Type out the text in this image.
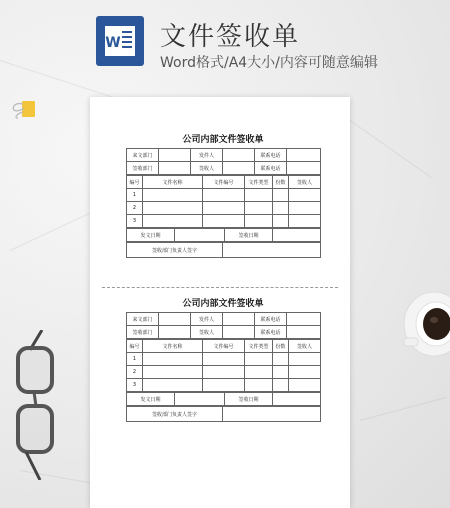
W 文件签收单
Word格式/A4大小/内容可随意编辑
公司内部文件签收单
来文部门		发件人		联系电话	
签收部门		签收人		联系电话	
编号	文件名称	文件编号	文件类型	份数	签收人
1					
2					
3					
发文日期		签收日期	
签收部门负责人签字	
公司内部文件签收单
来文部门		发件人		联系电话	
签收部门		签收人		联系电话	
编号	文件名称	文件编号	文件类型	份数	签收人
1					
2					
3					
发文日期		签收日期	
签收部门负责人签字	
